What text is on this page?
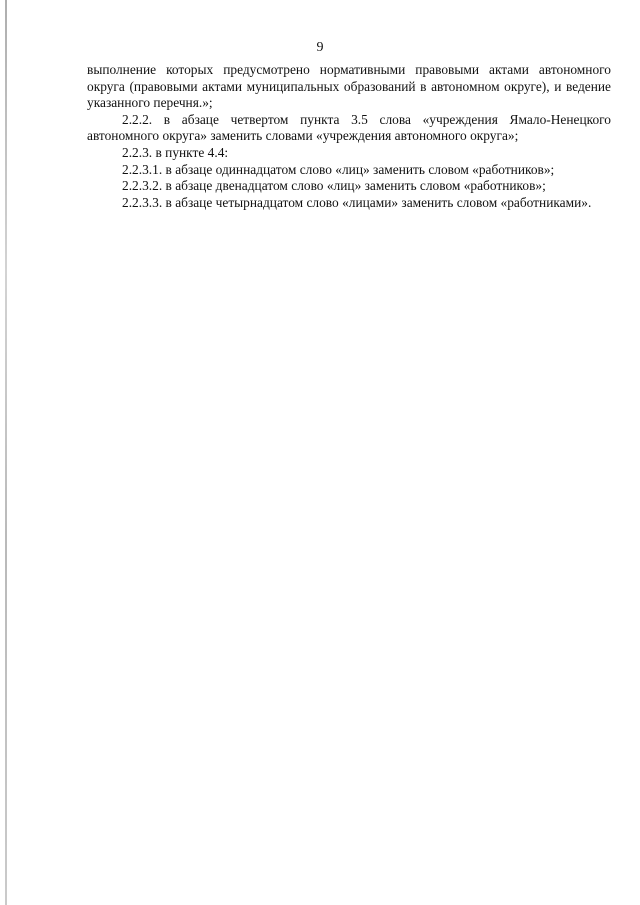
9

выполнение которых предусмотрено нормативными правовыми актами автономного округа (правовыми актами муниципальных образований в автономном округе), и ведение указанного перечня.»;

2.2.2. в абзаце четвертом пункта 3.5 слова «учреждения Ямало-Ненецкого автономного округа» заменить словами «учреждения автономного округа»;

2.2.3. в пункте 4.4:

2.2.3.1. в абзаце одиннадцатом слово «лиц» заменить словом «работников»;

2.2.3.2. в абзаце двенадцатом слово «лиц» заменить словом «работников»;

2.2.3.3. в абзаце четырнадцатом слово «лицами» заменить словом «работниками».
